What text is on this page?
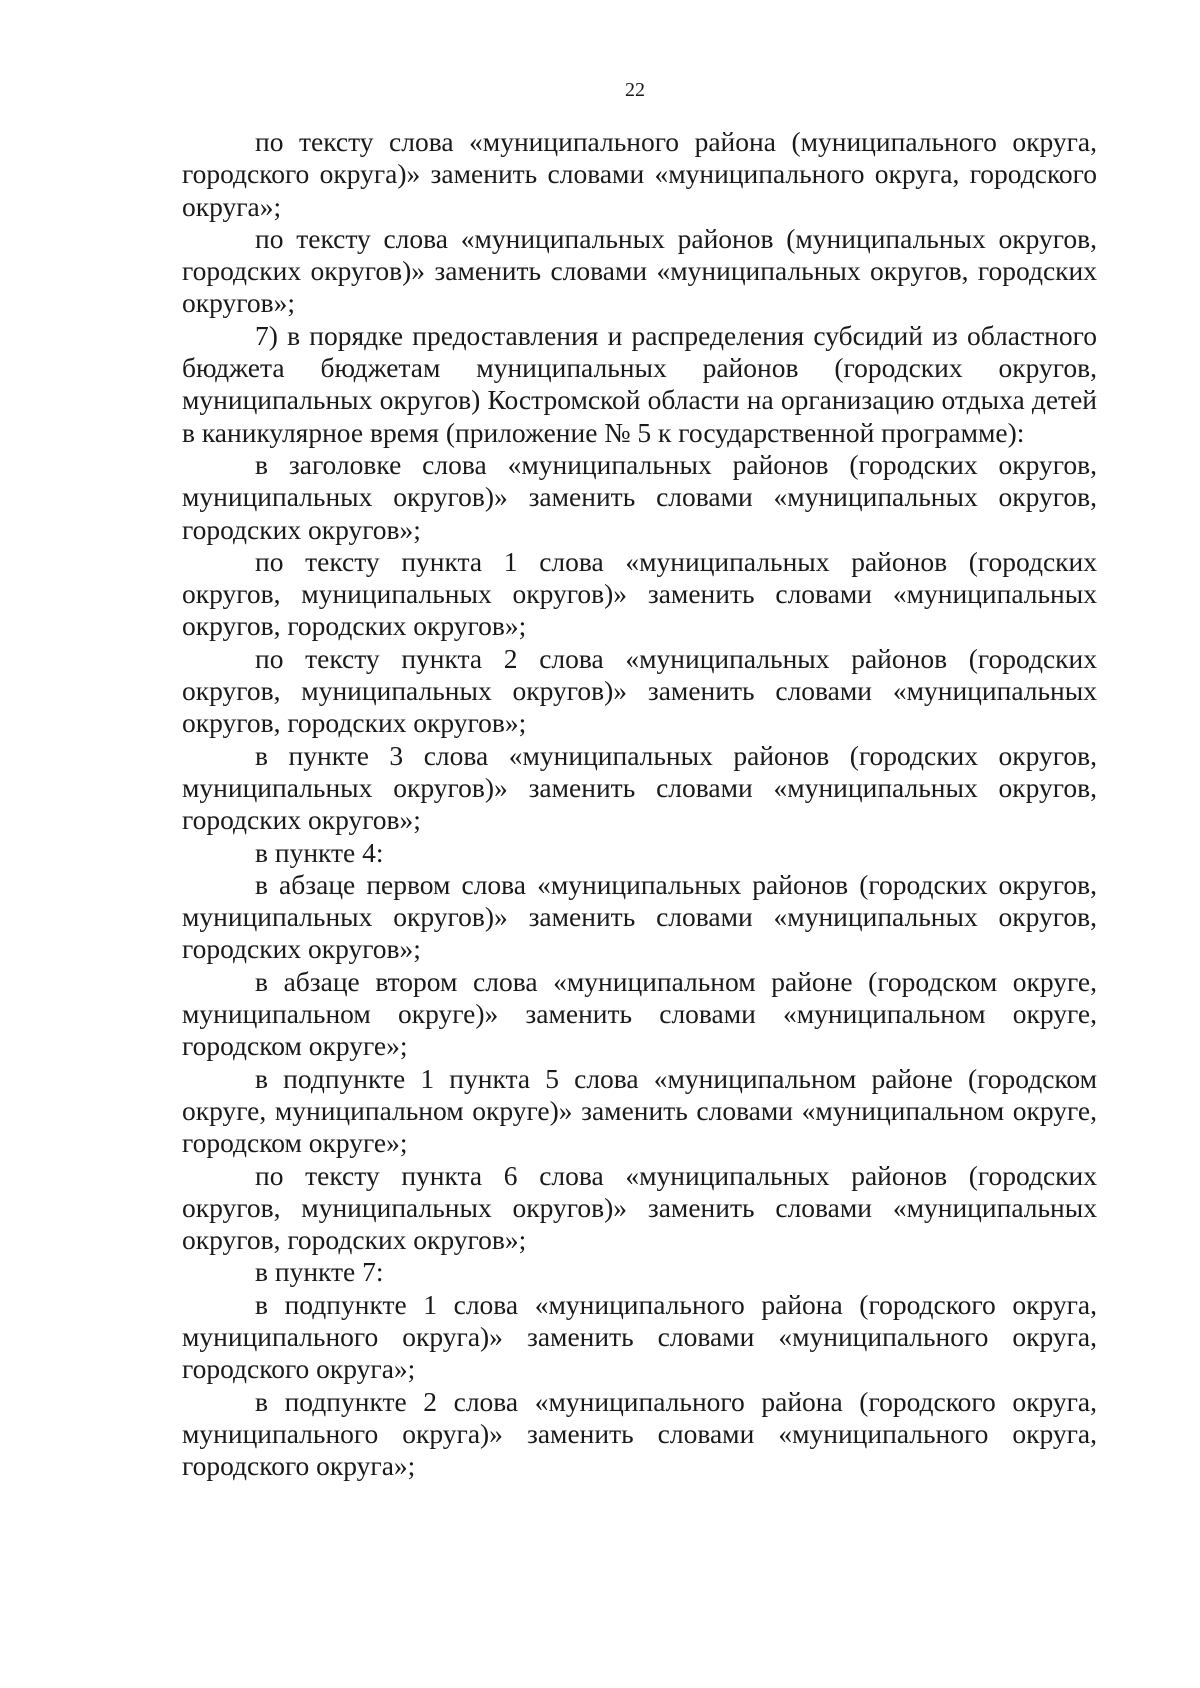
22

по тексту слова «муниципального района (муниципального округа, городского округа)» заменить словами «муниципального округа, городского округа»;

по тексту слова «муниципальных районов (муниципальных округов, городских округов)» заменить словами «муниципальных округов, городских округов»;

7) в порядке предоставления и распределения субсидий из областного бюджета бюджетам муниципальных районов (городских округов, муниципальных округов) Костромской области на организацию отдыха детей в каникулярное время (приложение № 5 к государственной программе):

в заголовке слова «муниципальных районов (городских округов, муниципальных округов)» заменить словами «муниципальных округов, городских округов»;

по тексту пункта 1 слова «муниципальных районов (городских округов, муниципальных округов)» заменить словами «муниципальных округов, городских округов»;

по тексту пункта 2 слова «муниципальных районов (городских округов, муниципальных округов)» заменить словами «муниципальных округов, городских округов»;

в пункте 3 слова «муниципальных районов (городских округов, муниципальных округов)» заменить словами «муниципальных округов, городских округов»;

в пункте 4:

в абзаце первом слова «муниципальных районов (городских округов, муниципальных округов)» заменить словами «муниципальных округов, городских округов»;

в абзаце втором слова «муниципальном районе (городском округе, муниципальном округе)» заменить словами «муниципальном округе, городском округе»;

в подпункте 1 пункта 5 слова «муниципальном районе (городском округе, муниципальном округе)» заменить словами «муниципальном округе, городском округе»;

по тексту пункта 6 слова «муниципальных районов (городских округов, муниципальных округов)» заменить словами «муниципальных округов, городских округов»;

в пункте 7:

в подпункте 1 слова «муниципального района (городского округа, муниципального округа)» заменить словами «муниципального округа, городского округа»;

в подпункте 2 слова «муниципального района (городского округа, муниципального округа)» заменить словами «муниципального округа, городского округа»;
